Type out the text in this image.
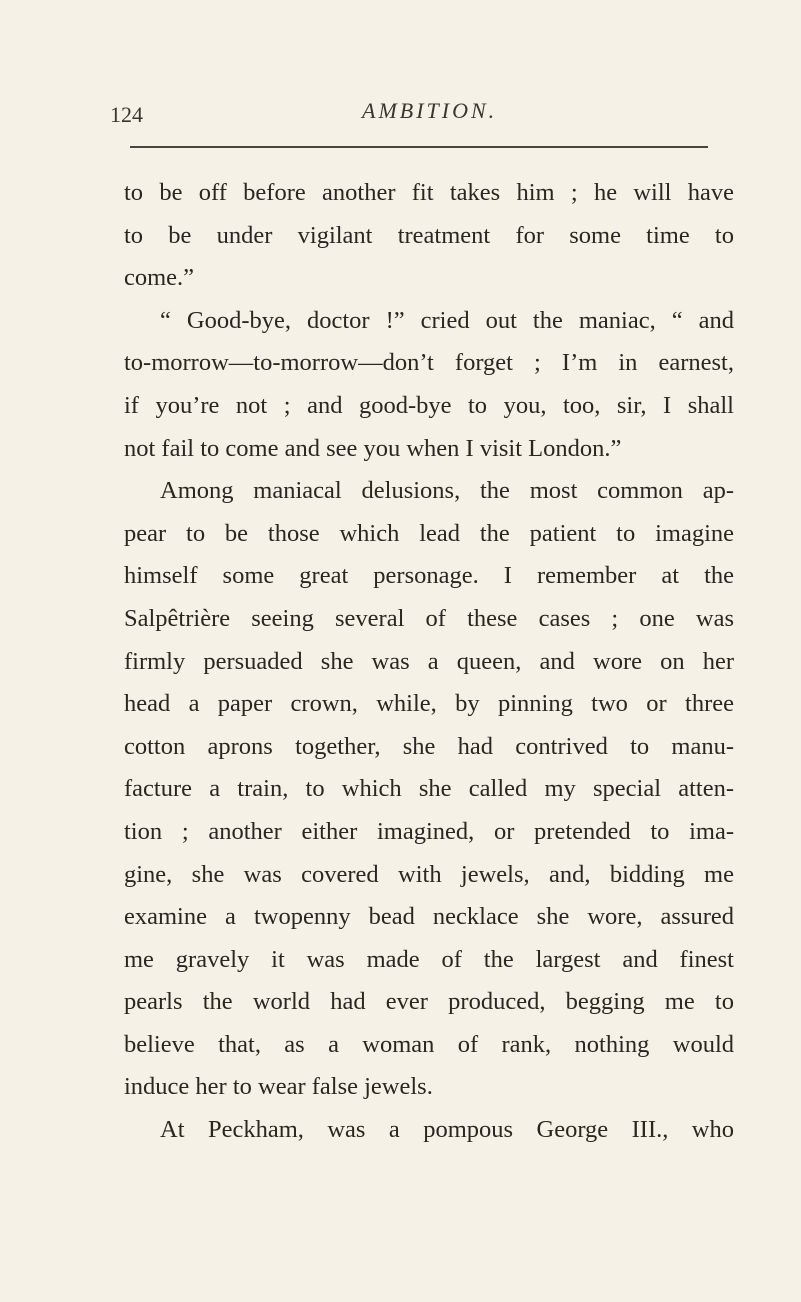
124	AMBITION.
to be off before another fit takes him ; he will have
to be under vigilant treatment for some time to
come.”
“ Good-bye, doctor !” cried out the maniac, “ and
to-morrow—to-morrow—don’t forget ; I’m in earnest,
if you’re not ; and good-bye to you, too, sir, I shall
not fail to come and see you when I visit London.”
Among maniacal delusions, the most common ap-
pear to be those which lead the patient to imagine
himself some great personage. I remember at the
Salpêtrière seeing several of these cases ; one was
firmly persuaded she was a queen, and wore on her
head a paper crown, while, by pinning two or three
cotton aprons together, she had contrived to manu-
facture a train, to which she called my special atten-
tion ; another either imagined, or pretended to ima-
gine, she was covered with jewels, and, bidding me
examine a twopenny bead necklace she wore, assured
me gravely it was made of the largest and finest
pearls the world had ever produced, begging me to
believe that, as a woman of rank, nothing would
induce her to wear false jewels.
At Peckham, was a pompous George III., who
